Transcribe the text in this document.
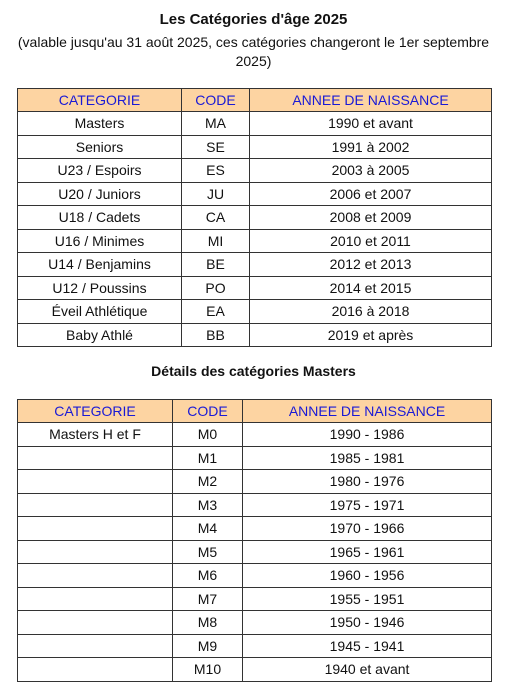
Les Catégories d'âge 2025
(valable jusqu'au 31 août 2025, ces catégories changeront le 1er septembre 2025)
CATEGORIE	CODE	ANNEE DE NAISSANCE
Masters	MA	1990 et avant
Seniors	SE	1991 à 2002
U23 / Espoirs	ES	2003 à 2005
U20 / Juniors	JU	2006 et 2007
U18 / Cadets	CA	2008 et 2009
U16 / Minimes	MI	2010 et 2011
U14 / Benjamins	BE	2012 et 2013
U12 / Poussins	PO	2014 et 2015
Éveil Athlétique	EA	2016 à 2018
Baby Athlé	BB	2019 et après
Détails des catégories Masters
CATEGORIE	CODE	ANNEE DE NAISSANCE
Masters H et F	M0	1990 - 1986
	M1	1985 - 1981
	M2	1980 - 1976
	M3	1975 - 1971
	M4	1970 - 1966
	M5	1965 - 1961
	M6	1960 - 1956
	M7	1955 - 1951
	M8	1950 - 1946
	M9	1945 - 1941
	M10	1940 et avant
